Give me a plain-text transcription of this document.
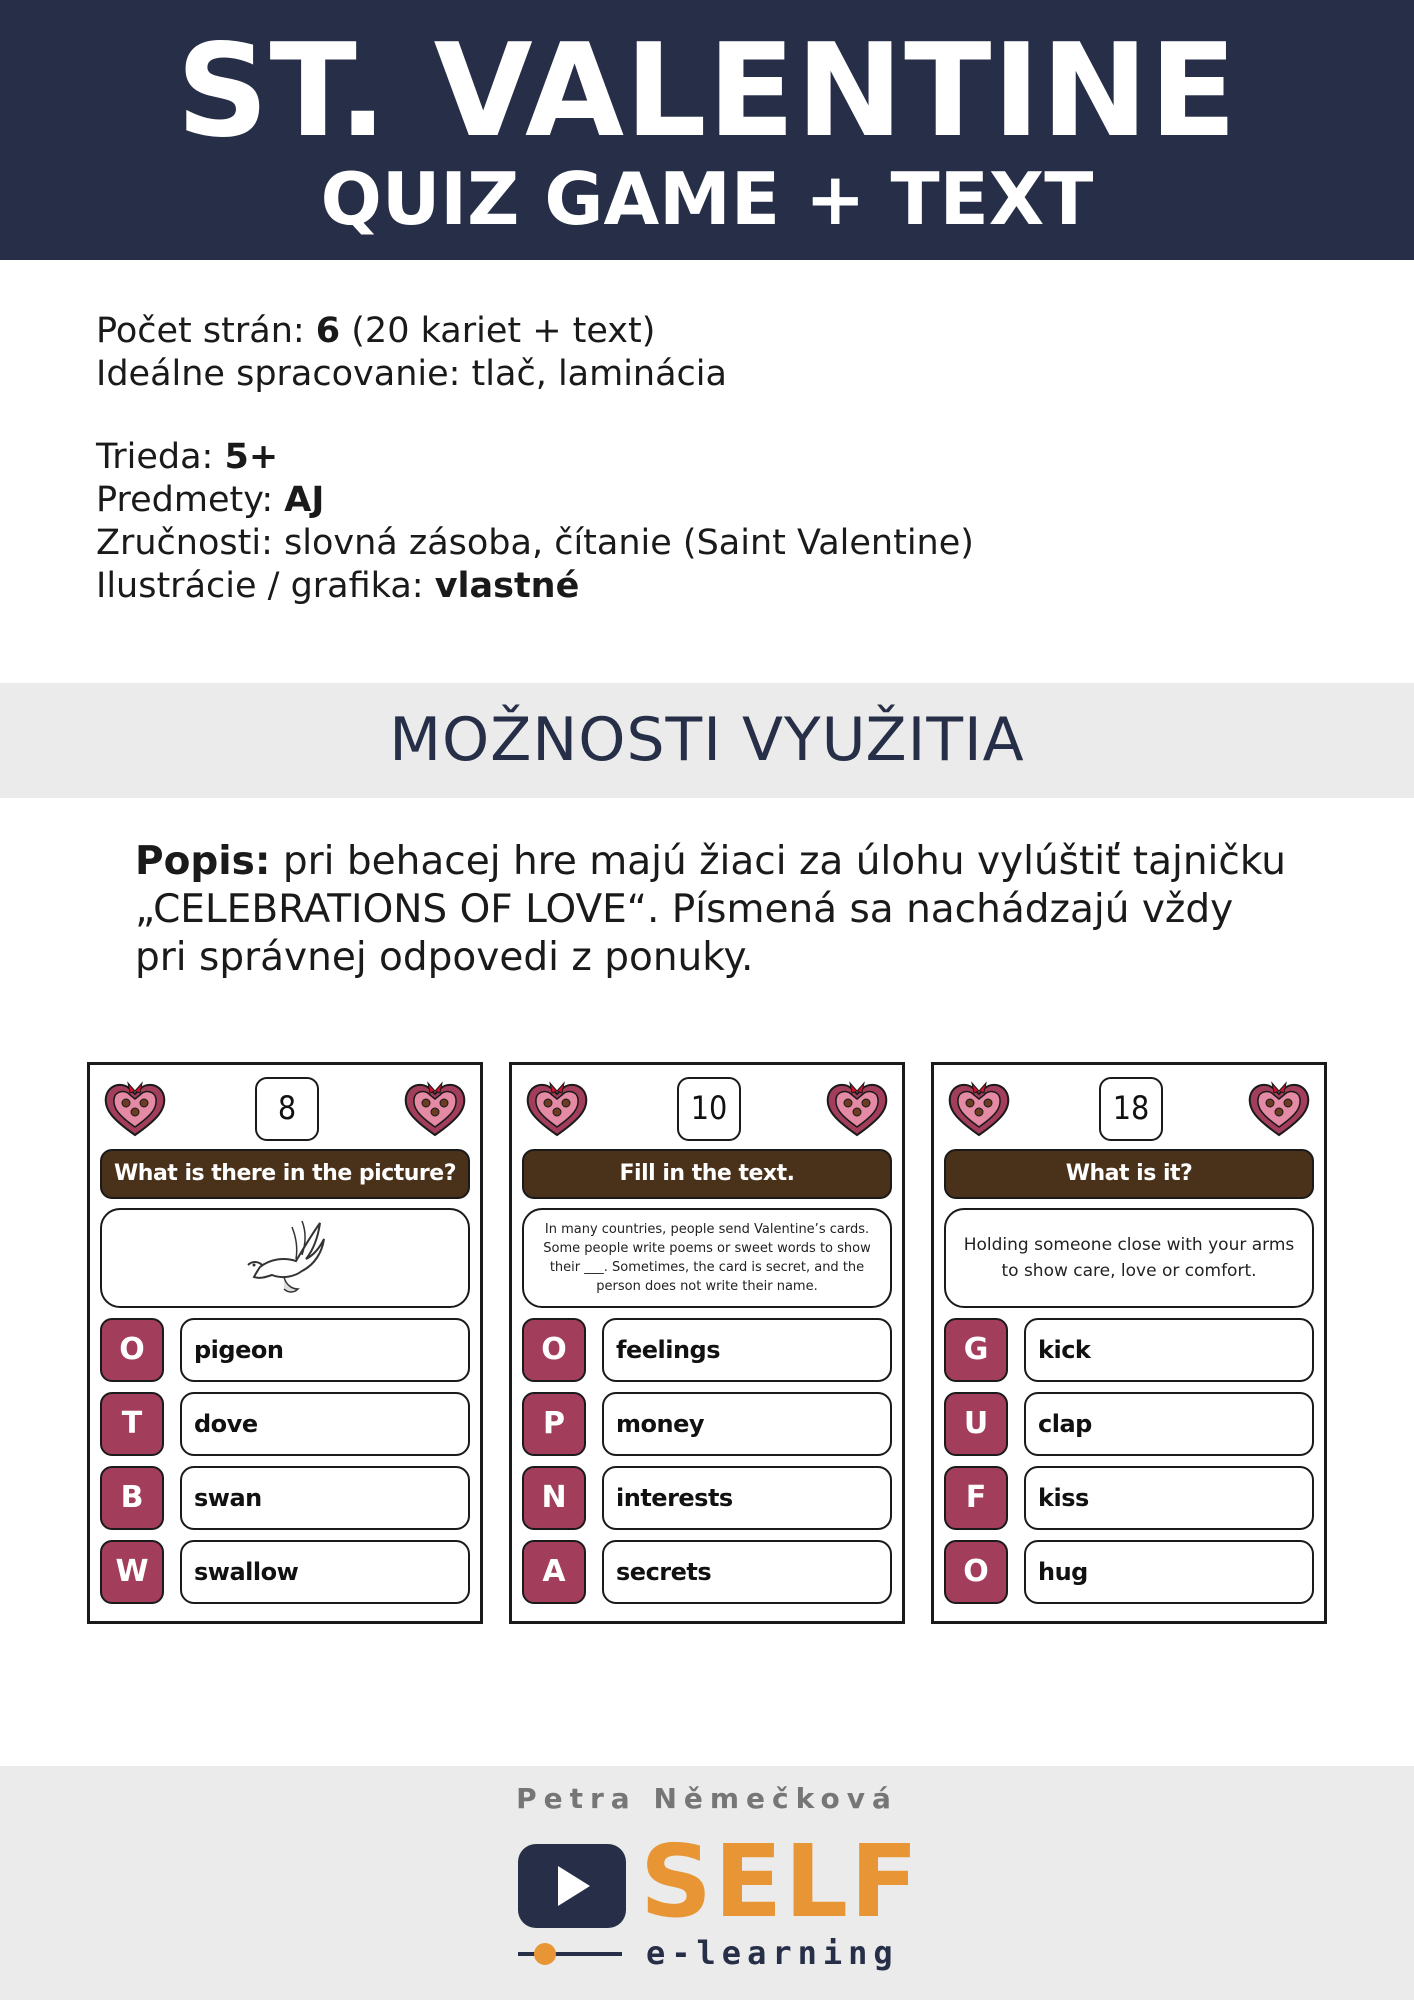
ST. VALENTINE
QUIZ GAME + TEXT

Počet strán: 6 (20 kariet + text)

Ideálne spracovanie: tlač, laminácia

Trieda: 5+

Predmety: AJ

Zručnosti: slovná zásoba, čítanie (Saint Valentine)

Ilustrácie / grafika: vlastné

MOŽNOSTI VYUŽITIA
Popis: pri behacej hre majú žiaci za úlohu vylúštiť tajničku
„CELEBRATIONS OF LOVE“. Písmená sa nachádzajú vždy
pri správnej odpovedi z ponuky.
8
What is there in the picture?
O	pigeon
T	dove
B	swan
W	swallow
10
Fill in the text.
In many countries, people send Valentine’s cards. Some people write poems or sweet words to show their ___. Sometimes, the card is secret, and the person does not write their name.
O	feelings
P	money
N	interests
A	secrets
18
What is it?
Holding someone close with your arms to show care, love or comfort.
G	kick
U	clap
F	kiss
O	hug
Petra Němečková
SELF
e-learning
